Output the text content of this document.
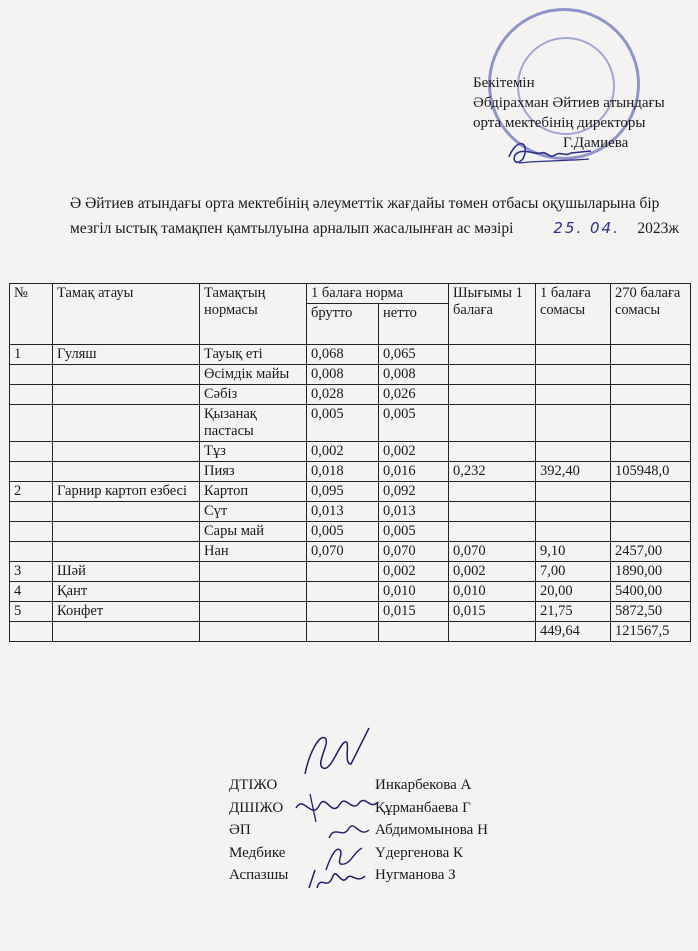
Бекітемін
Әбдірахман Әйтиев атындағы
орта мектебінің директоры
Г.Дамиева
Ә Әйтиев атындағы орта мектебінің әлеуметтік жағдайы төмен отбасы оқушыларына бір мезгіл ыстық тамақпен қамтылуына арналып жасалынған ас мәзірі	25. 04. 2023ж
№	Тамақ атауы	Тамақтың нормасы	1 балаға норма		Шығымы 1 балаға	1 балаға сомасы	270 балаға сомасы
			брутто	нетто			
1	Гуляш	Тауық еті	0,068	0,065			
		Өсімдік майы	0,008	0,008			
		Сәбіз	0,028	0,026			
		Қызанақ пастасы	0,005	0,005			
		Тұз	0,002	0,002			
		Пияз	0,018	0,016	0,232	392,40	105948,0
2	Гарнир картоп езбесі	Картоп	0,095	0,092			
		Сүт	0,013	0,013			
		Сары май	0,005	0,005			
		Нан	0,070	0,070	0,070	9,10	2457,00
3	Шәй			0,002	0,002	7,00	1890,00
4	Қант			0,010	0,010	20,00	5400,00
5	Конфет			0,015	0,015	21,75	5872,50
						449,64	121567,5
ДТІЖО	Инкарбекова А
ДШІЖО	Құрманбаева Г
ӘП	Абдимомынова Н
Медбике	Үдергенова К
Аспазшы	Нугманова З
